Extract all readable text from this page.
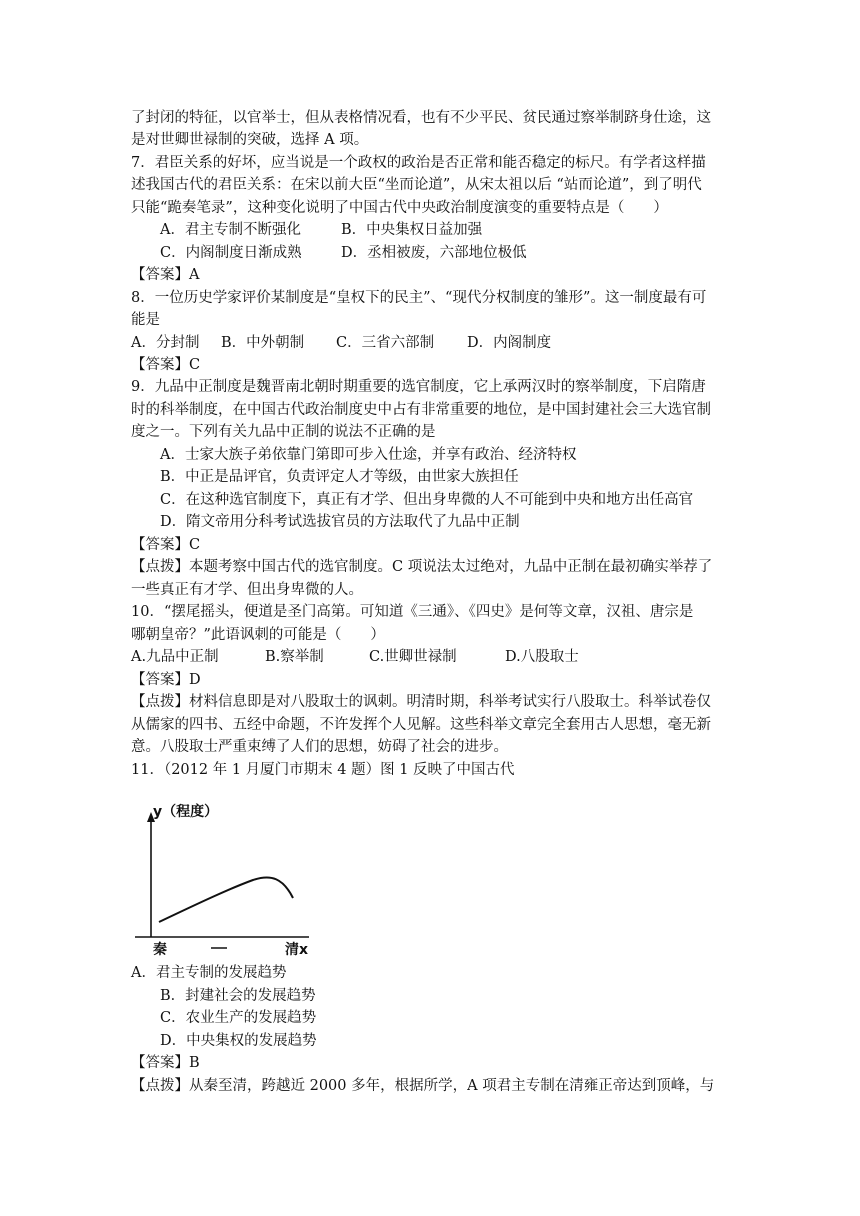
了封闭的特征，以官举士，但从表格情况看，也有不少平民、贫民通过察举制跻身仕途，这
是对世卿世禄制的突破，选择 A 项。
7．君臣关系的好坏，应当说是一个政权的政治是否正常和能否稳定的标尺。有学者这样描
述我国古代的君臣关系：在宋以前大臣“坐而论道”，从宋太祖以后 “站而论道”，到了明代
只能“跪奏笔录”，这种变化说明了中国古代中央政治制度演变的重要特点是（　　）
A．君主专制不断强化	B．中央集权日益加强
C．内阁制度日渐成熟	D．丞相被废，六部地位极低
【答案】A
8．一位历史学家评价某制度是“皇权下的民主”、“现代分权制度的雏形”。这一制度最有可
能是
A．分封制 B．中外朝制 C．三省六部制 D．内阁制度
【答案】C
9．九品中正制度是魏晋南北朝时期重要的选官制度，它上承两汉时的察举制度，下启隋唐
时的科举制度，在中国古代政治制度史中占有非常重要的地位，是中国封建社会三大选官制
度之一。下列有关九品中正制的说法不正确的是
A．士家大族子弟依靠门第即可步入仕途，并享有政治、经济特权
B．中正是品评官，负责评定人才等级，由世家大族担任
C．在这种选官制度下，真正有才学、但出身卑微的人不可能到中央和地方出任高官
D．隋文帝用分科考试选拔官员的方法取代了九品中正制
【答案】C
【点拨】本题考察中国古代的选官制度。C 项说法太过绝对，九品中正制在最初确实举荐了
一些真正有才学、但出身卑微的人。
10．“摆尾摇头，便道是圣门高第。可知道《三通》、《四史》是何等文章，汉祖、唐宗是
哪朝皇帝？”此语讽刺的可能是（　　）
A.九品中正制	B.察举制	C.世卿世禄制	D.八股取士
【答案】D
【点拨】材料信息即是对八股取士的讽刺。明清时期，科举考试实行八股取士。科举试卷仅
从儒家的四书、五经中命题，不许发挥个人见解。这些科举文章完全套用古人思想，毫无新
意。八股取士严重束缚了人们的思想，妨碍了社会的进步。
11．（2012 年 1 月厦门市期末 4 题）图 1 反映了中国古代
y（程度）
秦	清x
A．君主专制的发展趋势
B．封建社会的发展趋势
C．农业生产的发展趋势
D．中央集权的发展趋势
【答案】B
【点拨】从秦至清，跨越近 2000 多年，根据所学，A 项君主专制在清雍正帝达到顶峰，与
